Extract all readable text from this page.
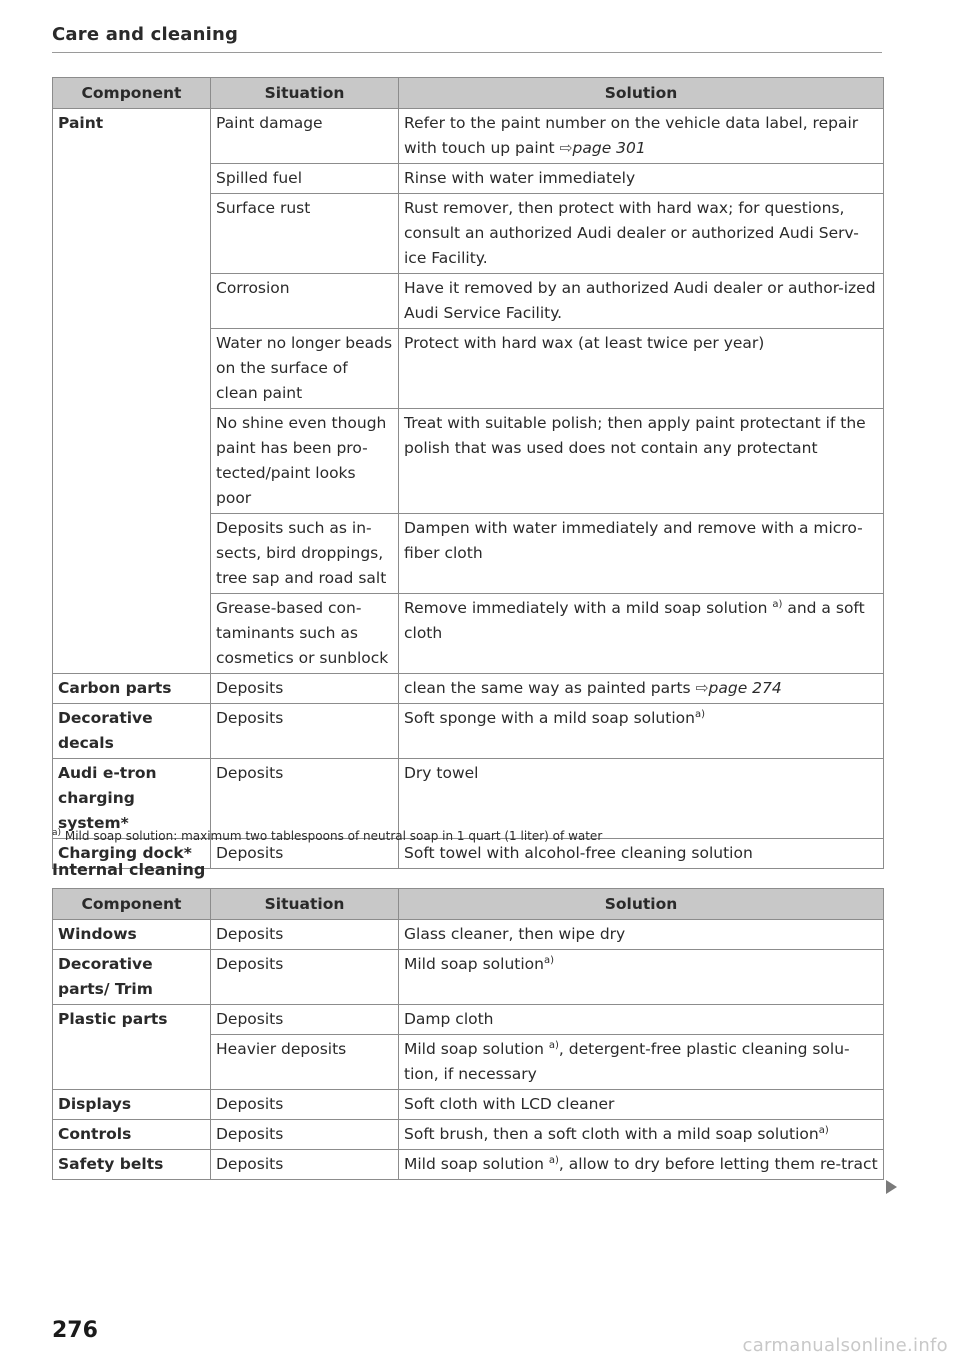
Care and cleaning
Component	Situation	Solution
Paint	Paint damage	Refer to the paint number on the vehicle data label, repair with touch up paint ⇨page 301
	Spilled fuel	Rinse with water immediately
	Surface rust	Rust remover, then protect with hard wax; for questions, consult an authorized Audi dealer or authorized Audi Serv-ice Facility.
	Corrosion	Have it removed by an authorized Audi dealer or author-ized Audi Service Facility.
	Water no longer beads on the surface of clean paint	Protect with hard wax (at least twice per year)
	No shine even though paint has been pro-tected/paint looks poor	Treat with suitable polish; then apply paint protectant if the polish that was used does not contain any protectant
	Deposits such as in-sects, bird droppings, tree sap and road salt	Dampen with water immediately and remove with a micro-fiber cloth
	Grease-based con-taminants such as cosmetics or sunblock	Remove immediately with a mild soap solution $^{a)}$ and a soft cloth
Carbon parts	Deposits	clean the same way as painted parts ⇨page 274
Decorative decals	Deposits	Soft sponge with a mild soap solution$^{a)}$
Audi e-tron charging system*	Deposits	Dry towel
Charging dock*	Deposits	Soft towel with alcohol-free cleaning solution
$^{a)}$ Mild soap solution: maximum two tablespoons of neutral soap in 1 quart (1 liter) of water
Internal cleaning
Component	Situation	Solution
Windows	Deposits	Glass cleaner, then wipe dry
Decorative parts/ Trim	Deposits	Mild soap solution$^{a)}$
Plastic parts	Deposits	Damp cloth
	Heavier deposits	Mild soap solution $^{a)}$, detergent-free plastic cleaning solu-tion, if necessary
Displays	Deposits	Soft cloth with LCD cleaner
Controls	Deposits	Soft brush, then a soft cloth with a mild soap solution$^{a)}$
Safety belts	Deposits	Mild soap solution $^{a)}$, allow to dry before letting them re-tract
276
carmanualsonline.info
